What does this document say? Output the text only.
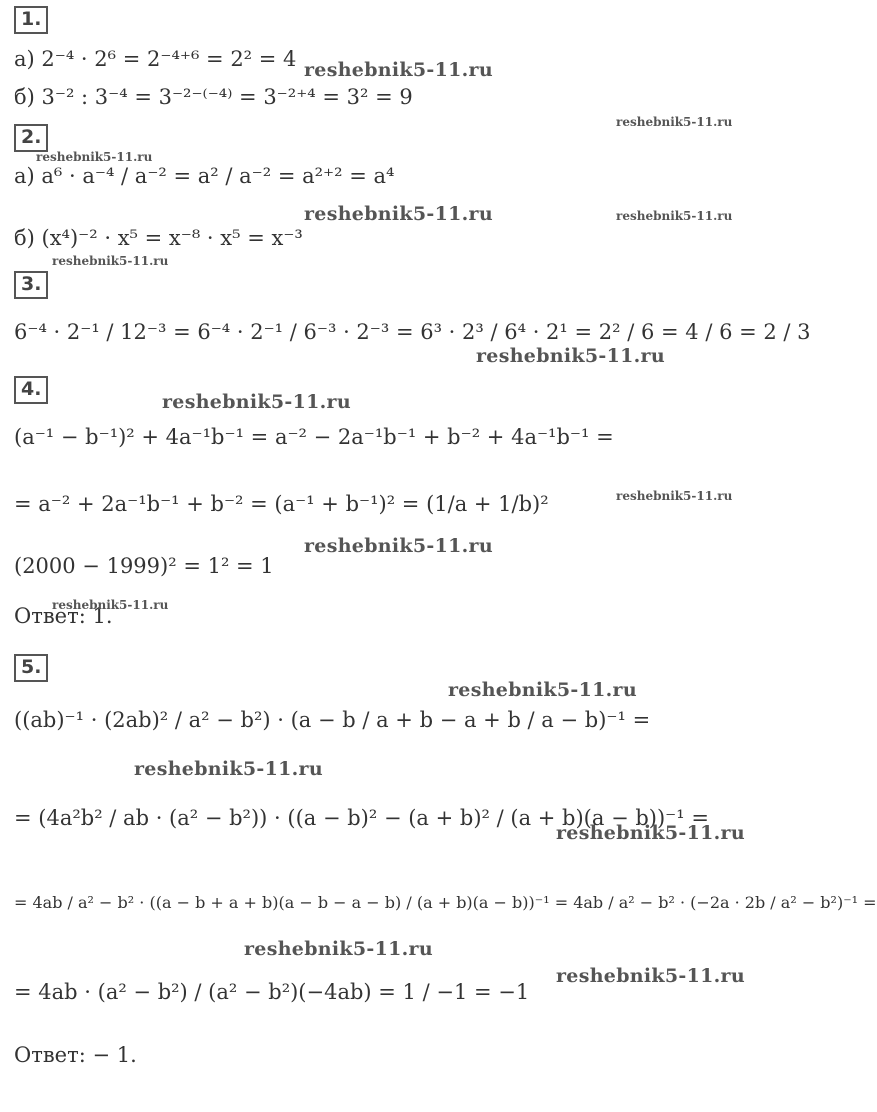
1.
а) 2⁻⁴ · 2⁶ = 2⁻⁴⁺⁶ = 2² = 4
б) 3⁻² : 3⁻⁴ = 3⁻²⁻⁽⁻⁴⁾ = 3⁻²⁺⁴ = 3² = 9
2.
а) a⁶ · a⁻⁴ / a⁻² = a² / a⁻² = a²⁺² = a⁴
б) (x⁴)⁻² · x⁵ = x⁻⁸ · x⁵ = x⁻³
3.
6⁻⁴ · 2⁻¹ / 12⁻³ = 6⁻⁴ · 2⁻¹ / 6⁻³ · 2⁻³ = 6³ · 2³ / 6⁴ · 2¹ = 2² / 6 = 4 / 6 = 2 / 3
4.
(a⁻¹ − b⁻¹)² + 4a⁻¹b⁻¹ = a⁻² − 2a⁻¹b⁻¹ + b⁻² + 4a⁻¹b⁻¹ =
= a⁻² + 2a⁻¹b⁻¹ + b⁻² = (a⁻¹ + b⁻¹)² = (1/a + 1/b)²
(2000 − 1999)² = 1² = 1
Ответ: 1.
5.
((ab)⁻¹ · (2ab)² / a² − b²) · (a − b / a + b − a + b / a − b)⁻¹ =
= (4a²b² / ab · (a² − b²)) · ((a − b)² − (a + b)² / (a + b)(a − b))⁻¹ =
= 4ab / a² − b² · ((a − b + a + b)(a − b − a − b) / (a + b)(a − b))⁻¹ = 4ab / a² − b² · (−2a · 2b / a² − b²)⁻¹ =
= 4ab · (a² − b²) / (a² − b²)(−4ab) = 1 / −1 = −1
Ответ: − 1.
reshebnik5-11.ru
reshebnik5-11.ru
reshebnik5-11.ru
reshebnik5-11.ru	reshebnik5-11.ru
reshebnik5-11.ru
reshebnik5-11.ru
reshebnik5-11.ru
reshebnik5-11.ru
reshebnik5-11.ru
reshebnik5-11.ru
reshebnik5-11.ru
reshebnik5-11.ru
reshebnik5-11.ru
reshebnik5-11.ru
reshebnik5-11.ru
